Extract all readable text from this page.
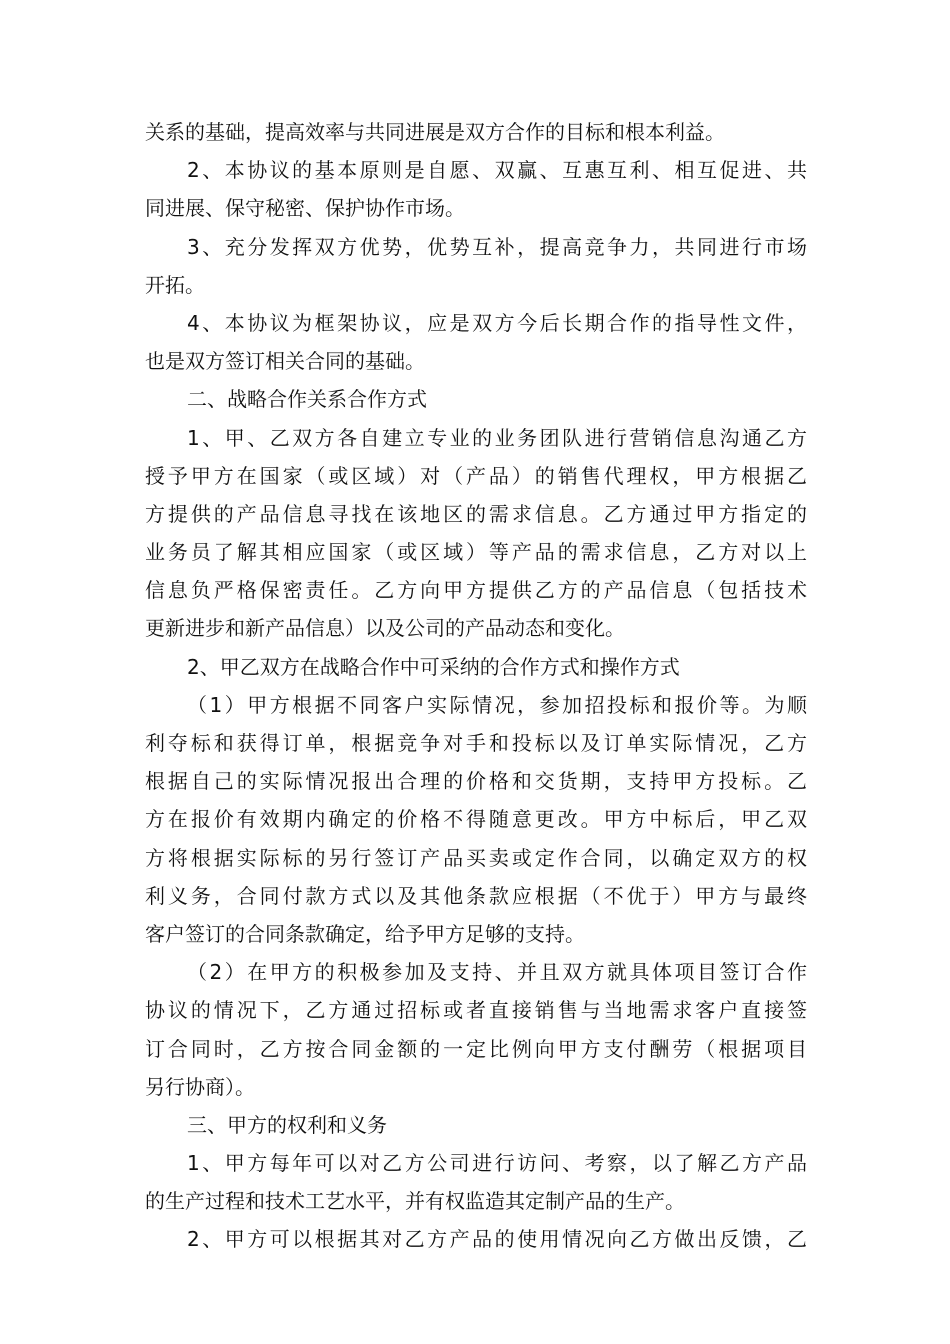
关系的基础，提高效率与共同进展是双方合作的目标和根本利益。
2、本协议的基本原则是自愿、双赢、互惠互利、相互促进、共
同进展、保守秘密、保护协作市场。
3、充分发挥双方优势，优势互补，提高竞争力，共同进行市场
开拓。
4、本协议为框架协议，应是双方今后长期合作的指导性文件，
也是双方签订相关合同的基础。
二、战略合作关系合作方式
1、甲、乙双方各自建立专业的业务团队进行营销信息沟通乙方
授予甲方在国家（或区域）对（产品）的销售代理权，甲方根据乙
方提供的产品信息寻找在该地区的需求信息。乙方通过甲方指定的
业务员了解其相应国家（或区域）等产品的需求信息，乙方对以上
信息负严格保密责任。乙方向甲方提供乙方的产品信息（包括技术
更新进步和新产品信息）以及公司的产品动态和变化。
2、甲乙双方在战略合作中可采纳的合作方式和操作方式
（1）甲方根据不同客户实际情况，参加招投标和报价等。为顺
利夺标和获得订单，根据竞争对手和投标以及订单实际情况，乙方
根据自己的实际情况报出合理的价格和交货期，支持甲方投标。乙
方在报价有效期内确定的价格不得随意更改。甲方中标后，甲乙双
方将根据实际标的另行签订产品买卖或定作合同，以确定双方的权
利义务，合同付款方式以及其他条款应根据（不优于）甲方与最终
客户签订的合同条款确定，给予甲方足够的支持。
（2）在甲方的积极参加及支持、并且双方就具体项目签订合作
协议的情况下，乙方通过招标或者直接销售与当地需求客户直接签
订合同时，乙方按合同金额的一定比例向甲方支付酬劳（根据项目
另行协商）。
三、甲方的权利和义务
1、甲方每年可以对乙方公司进行访问、考察，以了解乙方产品
的生产过程和技术工艺水平，并有权监造其定制产品的生产。
2、甲方可以根据其对乙方产品的使用情况向乙方做出反馈，乙
